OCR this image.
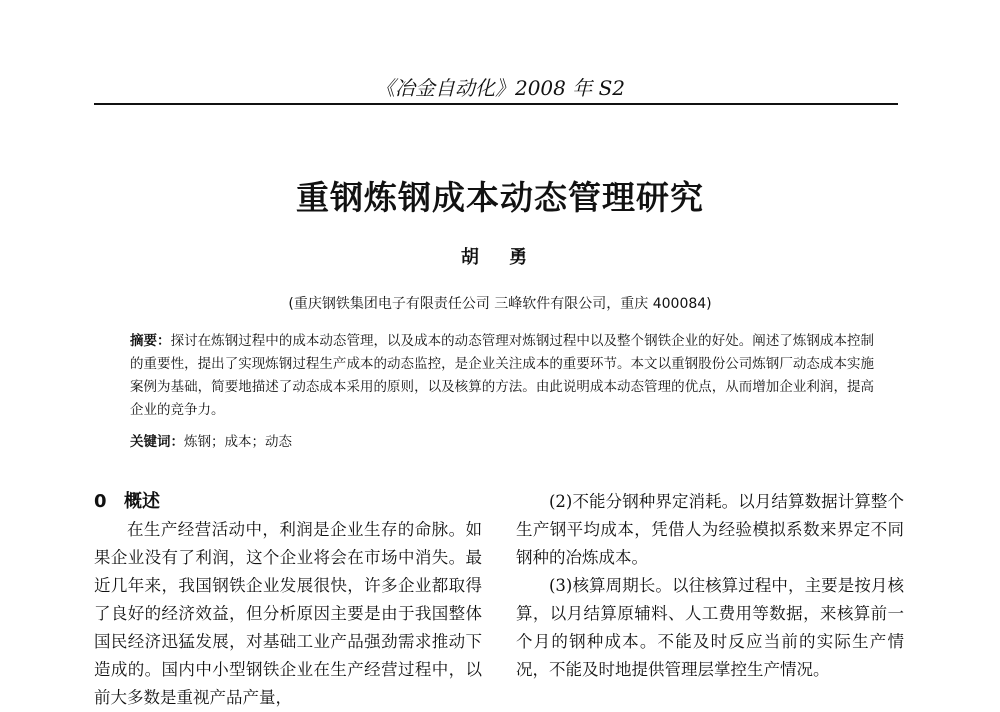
《冶金自动化》2008 年 S2
重钢炼钢成本动态管理研究
胡 勇
(重庆钢铁集团电子有限责任公司 三峰软件有限公司，重庆 400084)
摘要：探讨在炼钢过程中的成本动态管理，以及成本的动态管理对炼钢过程中以及整个钢铁企业的好处。阐述了炼钢成本控制的重要性，提出了实现炼钢过程生产成本的动态监控，是企业关注成本的重要环节。本文以重钢股份公司炼钢厂动态成本实施案例为基础，简要地描述了动态成本采用的原则，以及核算的方法。由此说明成本动态管理的优点，从而增加企业利润，提高企业的竞争力。
关键词：炼钢；成本；动态
0 概述

在生产经营活动中，利润是企业生存的命脉。如果企业没有了利润，这个企业将会在市场中消失。最近几年来，我国钢铁企业发展很快，许多企业都取得了良好的经济效益，但分析原因主要是由于我国整体国民经济迅猛发展，对基础工业产品强劲需求推动下造成的。国内中小型钢铁企业在生产经营过程中，以前大多数是重视产品产量，

(2)不能分钢种界定消耗。以月结算数据计算整个生产钢平均成本，凭借人为经验模拟系数来界定不同钢种的冶炼成本。

(3)核算周期长。以往核算过程中，主要是按月核算，以月结算原辅料、人工费用等数据，来核算前一个月的钢种成本。不能及时反应当前的实际生产情况，不能及时地提供管理层掌控生产情况。
